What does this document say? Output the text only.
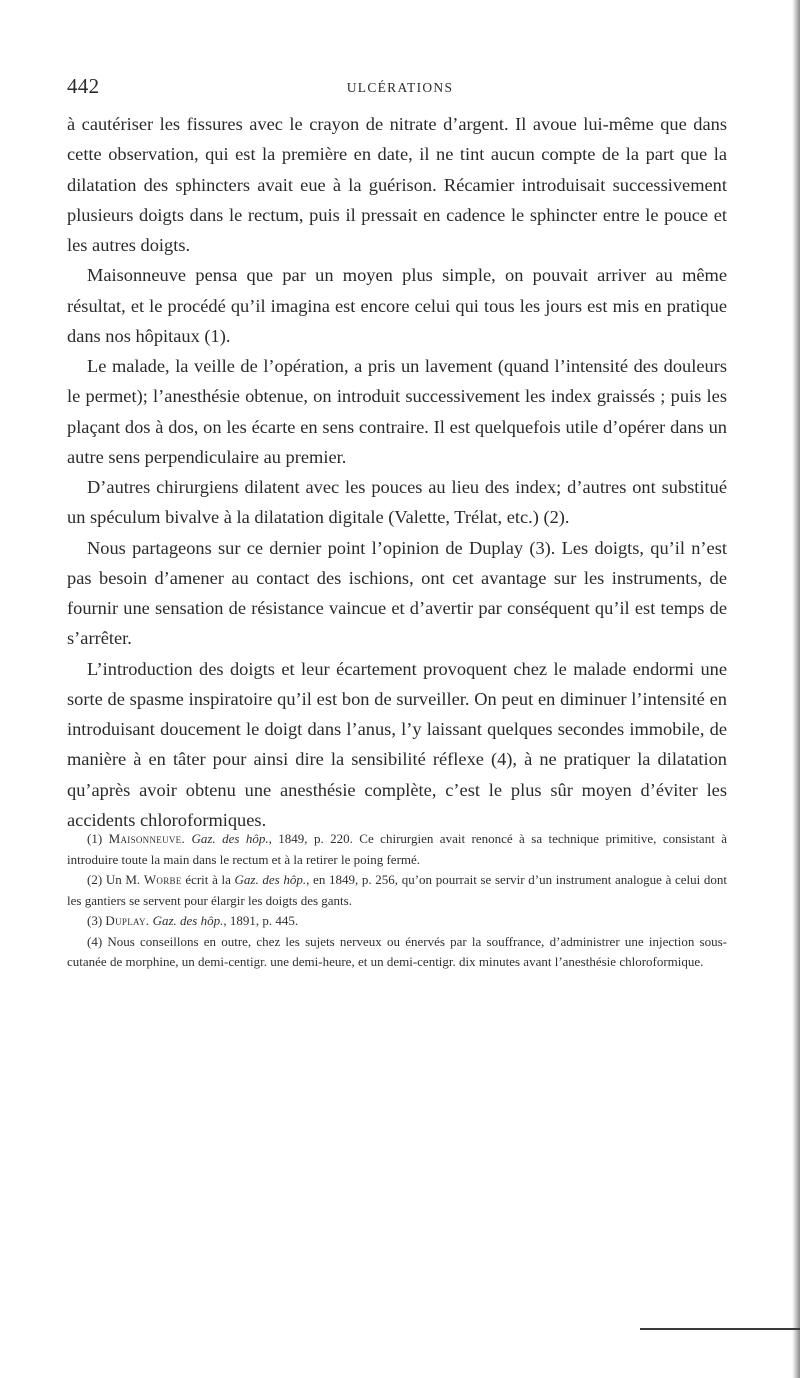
442	ULCÉRATIONS

à cautériser les fissures avec le crayon de nitrate d’argent. Il avoue lui-même que dans cette observation, qui est la première en date, il ne tint aucun compte de la part que la dilatation des sphincters avait eue à la guérison. Récamier introduisait successivement plusieurs doigts dans le rectum, puis il pressait en cadence le sphincter entre le pouce et les autres doigts.

Maisonneuve pensa que par un moyen plus simple, on pouvait arriver au même résultat, et le procédé qu’il imagina est encore celui qui tous les jours est mis en pratique dans nos hôpitaux (1).

Le malade, la veille de l’opération, a pris un lavement (quand l’intensité des douleurs le permet); l’anesthésie obtenue, on introduit successivement les index graissés ; puis les plaçant dos à dos, on les écarte en sens contraire. Il est quelquefois utile d’opérer dans un autre sens perpendiculaire au premier.

D’autres chirurgiens dilatent avec les pouces au lieu des index; d’autres ont substitué un spéculum bivalve à la dilatation digitale (Valette, Trélat, etc.) (2).

Nous partageons sur ce dernier point l’opinion de Duplay (3). Les doigts, qu’il n’est pas besoin d’amener au contact des ischions, ont cet avantage sur les instruments, de fournir une sensation de résistance vaincue et d’avertir par conséquent qu’il est temps de s’arrêter.

L’introduction des doigts et leur écartement provoquent chez le malade endormi une sorte de spasme inspiratoire qu’il est bon de surveiller. On peut en diminuer l’intensité en introduisant doucement le doigt dans l’anus, l’y laissant quelques secondes immobile, de manière à en tâter pour ainsi dire la sensibilité réflexe (4), à ne pratiquer la dilatation qu’après avoir obtenu une anesthésie complète, c’est le plus sûr moyen d’éviter les accidents chloroformiques.

(1) Maisonneuve. Gaz. des hôp., 1849, p. 220. Ce chirurgien avait renoncé à sa technique primitive, consistant à introduire toute la main dans le rectum et à la retirer le poing fermé.

(2) Un M. Worbe écrit à la Gaz. des hôp., en 1849, p. 256, qu’on pourrait se servir d’un instrument analogue à celui dont les gantiers se servent pour élargir les doigts des gants.

(3) Duplay. Gaz. des hôp., 1891, p. 445.

(4) Nous conseillons en outre, chez les sujets nerveux ou énervés par la souffrance, d’administrer une injection sous-cutanée de morphine, un demi-centigr. une demi-heure, et un demi-centigr. dix minutes avant l’anesthésie chloroformique.
